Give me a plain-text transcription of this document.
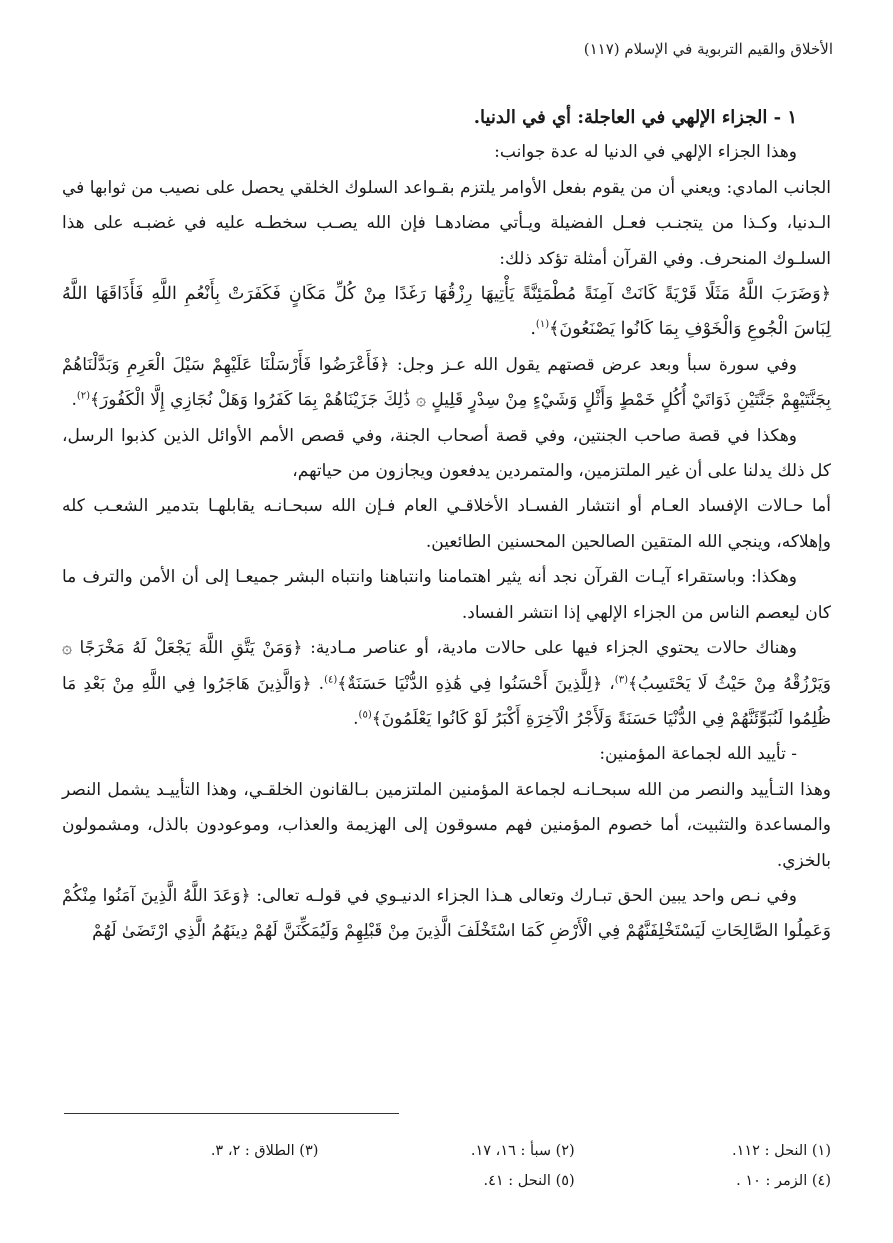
الأخلاق والقيم التربوية في الإسلام (١١٧)

١ - الجزاء الإلهي في العاجلة: أي في الدنيا.

وهذا الجزاء الإلهي في الدنيا له عدة جوانب:

الجانب المادي: ويعني أن من يقوم بفعل الأوامر يلتزم بقـواعد السلوك الخلقي يحصل على نصيب من ثوابها في الـدنيا، وكـذا من يتجنـب فعـل الفضيلة ويـأتي مضادهـا فإن الله يصـب سخطـه عليه في غضبـه على هذا السلـوك المنحرف. وفي القرآن أمثلة تؤكد ذلك:

﴿وَضَرَبَ اللَّهُ مَثَلًا قَرْيَةً كَانَتْ آمِنَةً مُطْمَئِنَّةً يَأْتِيهَا رِزْقُهَا رَغَدًا مِنْ كُلِّ مَكَانٍ فَكَفَرَتْ بِأَنْعُمِ اللَّهِ فَأَذَاقَهَا اللَّهُ لِبَاسَ الْجُوعِ وَالْخَوْفِ بِمَا كَانُوا يَصْنَعُونَ﴾$^{(١)}$.

وفي سورة سبأ وبعد عرض قصتهم يقول الله عـز وجل: ﴿فَأَعْرَضُوا فَأَرْسَلْنَا عَلَيْهِمْ سَيْلَ الْعَرِمِ وَبَدَّلْنَاهُمْ بِجَنَّتَيْهِمْ جَنَّتَيْنِ ذَوَاتَيْ أُكُلٍ خَمْطٍ وَأَثْلٍ وَشَيْءٍ مِنْ سِدْرٍ قَلِيلٍ ۞ ذَٰلِكَ جَزَيْنَاهُمْ بِمَا كَفَرُوا وَهَلْ نُجَازِي إِلَّا الْكَفُورَ﴾$^{(٢)}$.

وهكذا في قصة صاحب الجنتين، وفي قصة أصحاب الجنة، وفي قصص الأمم الأوائل الذين كذبوا الرسل، كل ذلك يدلنا على أن غير الملتزمين، والمتمردين يدفعون ويجازون من حياتهم،

أما حـالات الإفساد العـام أو انتشار الفسـاد الأخلاقـي العام فـإن الله سبحـانـه يقابلهـا بتدمير الشعـب كله وإهلاكه، وينجي الله المتقين الصالحين المحسنين الطائعين.

وهكذا: وباستقراء آيـات القرآن نجد أنه يثير اهتمامنا وانتباهنا وانتباه البشر جميعـا إلى أن الأمن والترف ما كان ليعصم الناس من الجزاء الإلهي إذا انتشر الفساد.

وهناك حالات يحتوي الجزاء فيها على حالات مادية، أو عناصر مـادية: ﴿وَمَنْ يَتَّقِ اللَّهَ يَجْعَلْ لَهُ مَخْرَجًا ۞ وَيَرْزُقْهُ مِنْ حَيْثُ لَا يَحْتَسِبُ﴾$^{(٣)}$، ﴿لِلَّذِينَ أَحْسَنُوا فِي هَٰذِهِ الدُّنْيَا حَسَنَةٌ﴾$^{(٤)}$. ﴿وَالَّذِينَ هَاجَرُوا فِي اللَّهِ مِنْ بَعْدِ مَا ظُلِمُوا لَنُبَوِّئَنَّهُمْ فِي الدُّنْيَا حَسَنَةً وَلَأَجْرُ الْآخِرَةِ أَكْبَرُ لَوْ كَانُوا يَعْلَمُونَ﴾$^{(٥)}$.

- تأييد الله لجماعة المؤمنين:

وهذا التـأييد والنصر من الله سبحـانـه لجماعة المؤمنين الملتزمين بـالقانون الخلقـي، وهذا التأييـد يشمل النصر والمساعدة والتثبيت، أما خصوم المؤمنين فهم مسوقون إلى الهزيمة والعذاب، وموعودون بالذل، ومشمولون بالخزي.

وفي نـص واحد يبين الحق تبـارك وتعالى هـذا الجزاء الدنيـوي في قولـه تعالى: ﴿وَعَدَ اللَّهُ الَّذِينَ آمَنُوا مِنْكُمْ وَعَمِلُوا الصَّالِحَاتِ لَيَسْتَخْلِفَنَّهُمْ فِي الْأَرْضِ كَمَا اسْتَخْلَفَ الَّذِينَ مِنْ قَبْلِهِمْ وَلَيُمَكِّنَنَّ لَهُمْ دِينَهُمُ الَّذِي ارْتَضَىٰ لَهُمْ

(١) النحل : ١١٢.
(٢) سبأ : ١٦، ١٧.
(٣) الطلاق : ٢، ٣.
(٤) الزمر : ١٠ .
(٥) النحل : ٤١.
